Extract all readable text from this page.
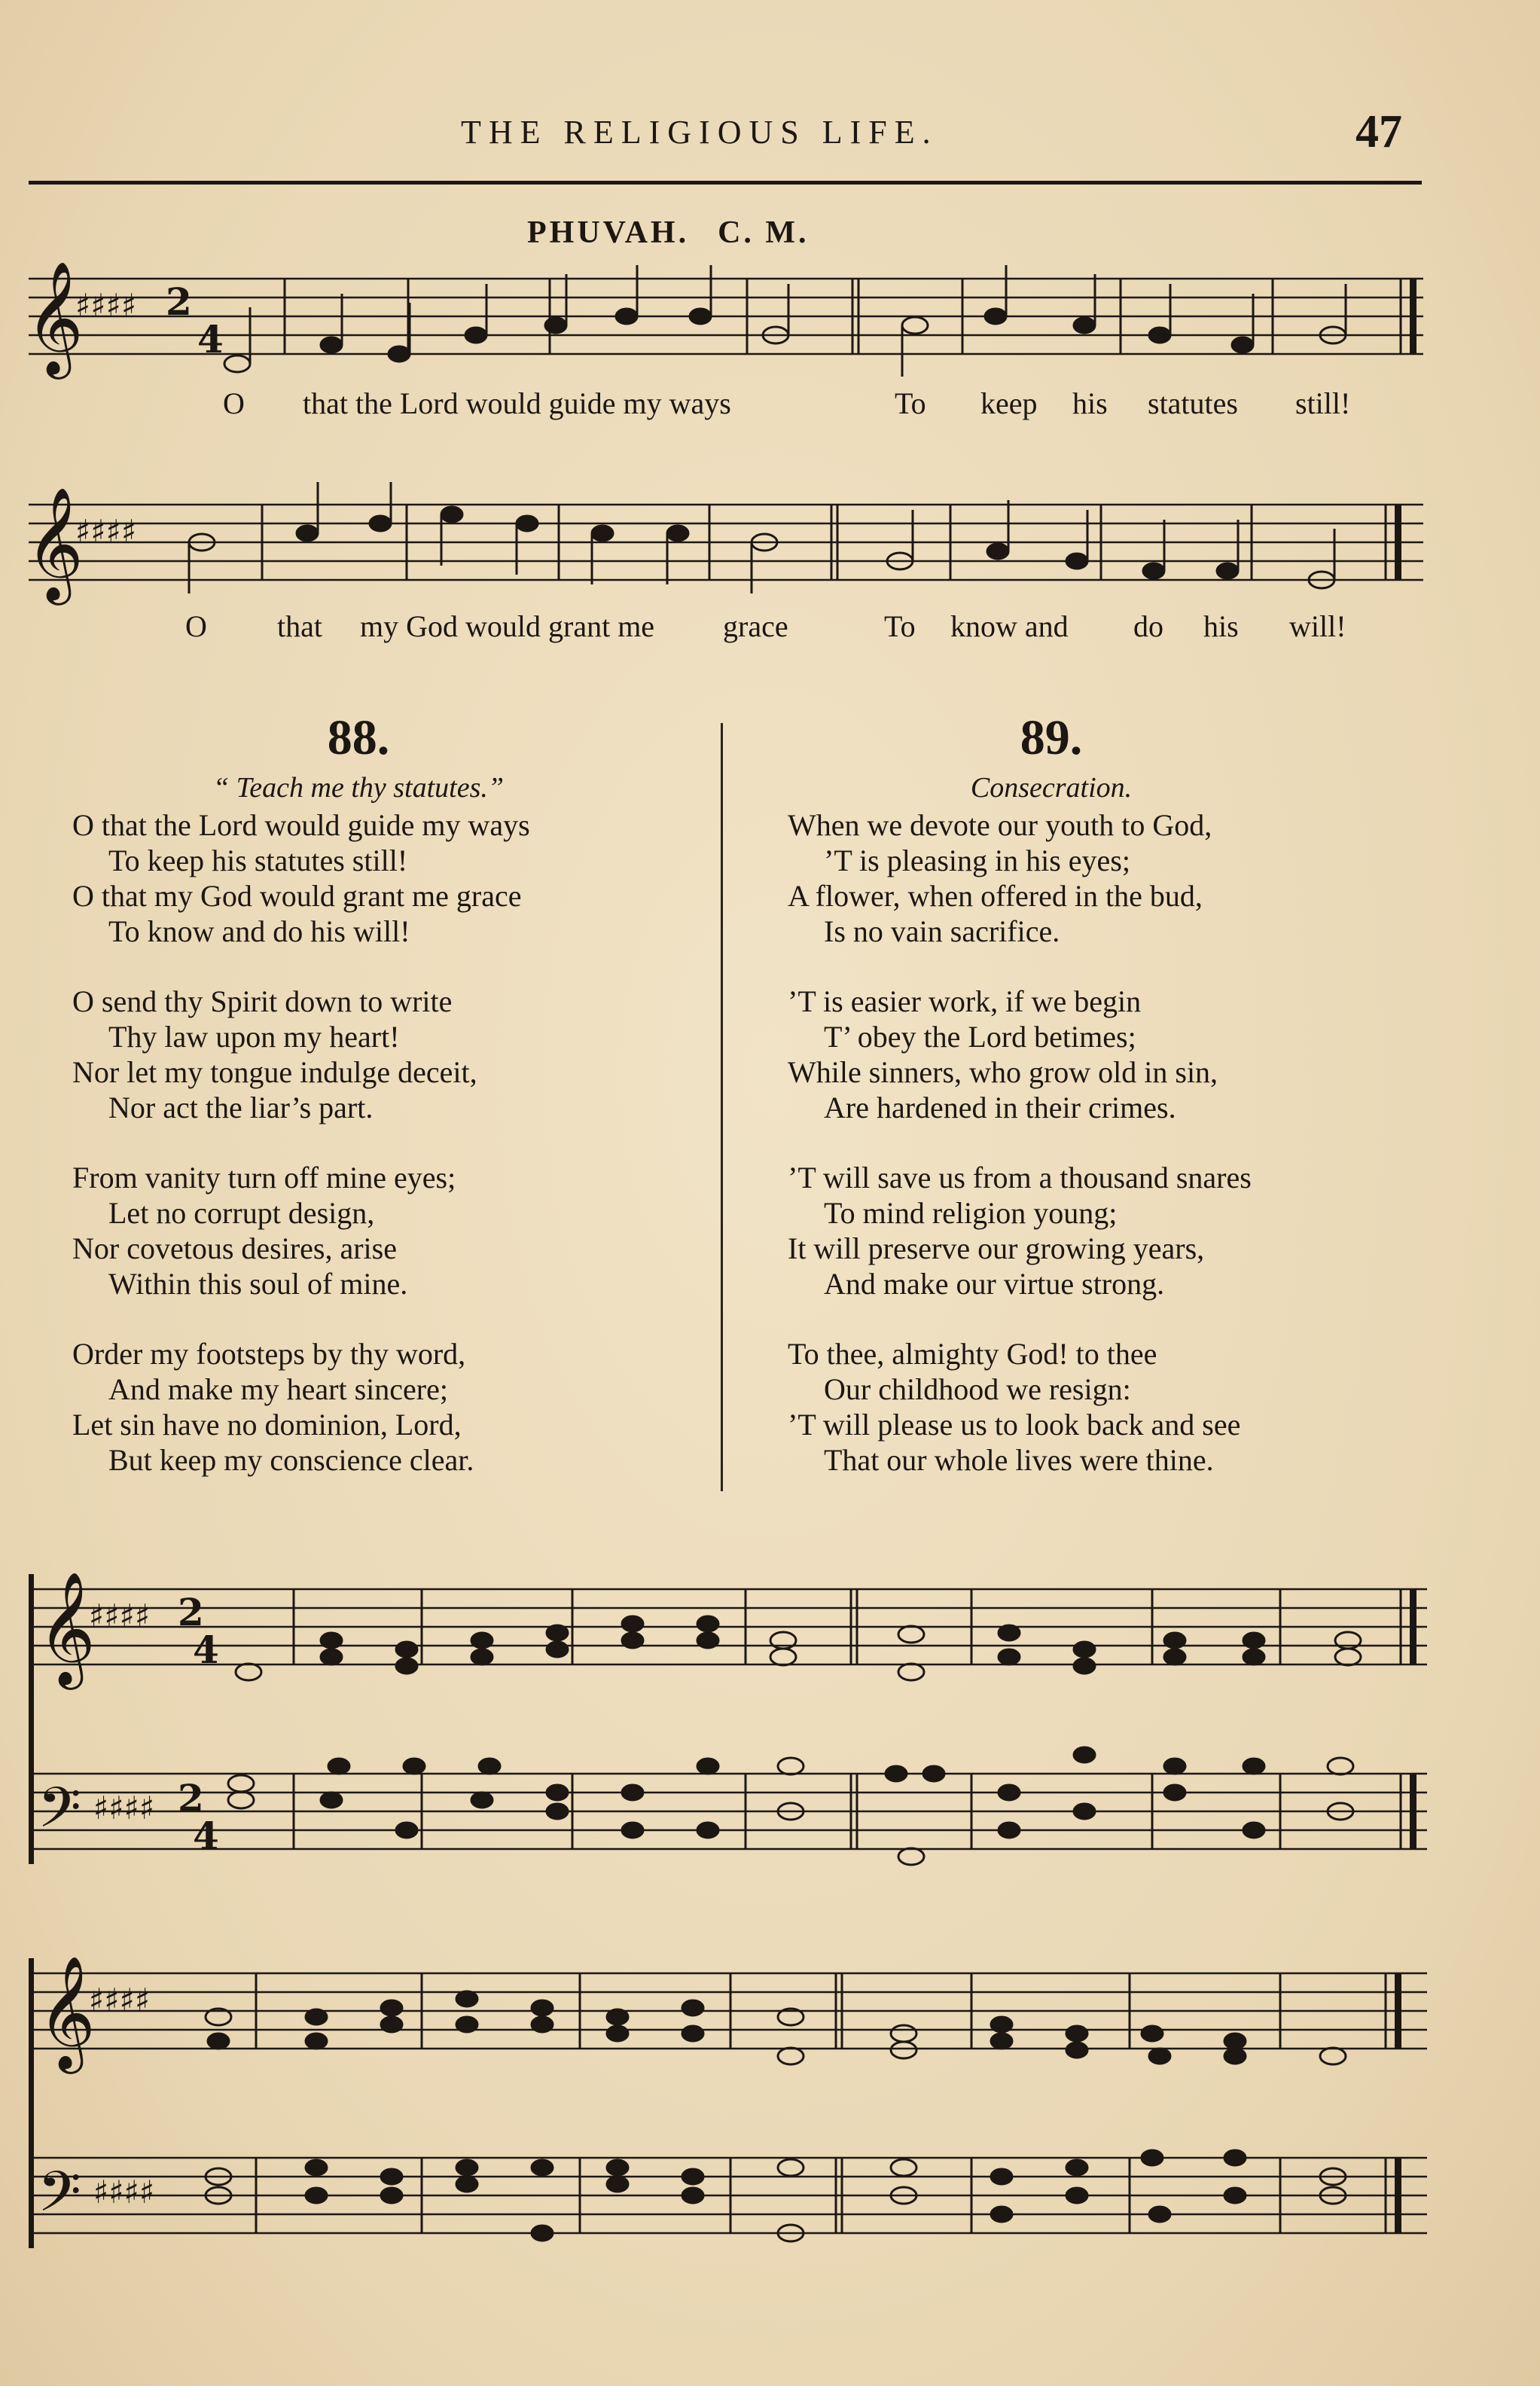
THE RELIGIOUS LIFE.	47
PHUVAH. C. M.
𝄞
♯♯♯♯ 2
4
O that the Lord would guide my ways	To keep his statutes still!
𝄞
♯♯♯♯
O that my God would grant me grace	To know and do his will!
88.
“ Teach me thy statutes.”
O that the Lord would guide my ways
To keep his statutes still!
O that my God would grant me grace
To know and do his will!
O send thy Spirit down to write
Thy law upon my heart!
Nor let my tongue indulge deceit,
Nor act the liar’s part.
From vanity turn off mine eyes;
Let no corrupt design,
Nor covetous desires, arise
Within this soul of mine.
Order my footsteps by thy word,
And make my heart sincere;
Let sin have no dominion, Lord,
But keep my conscience clear.
89.
Consecration.
When we devote our youth to God,
’T is pleasing in his eyes;
A flower, when offered in the bud,
Is no vain sacrifice.
’T is easier work, if we begin
T’ obey the Lord betimes;
While sinners, who grow old in sin,
Are hardened in their crimes.
’T will save us from a thousand snares
To mind religion young;
It will preserve our growing years,
And make our virtue strong.
To thee, almighty God! to thee
Our childhood we resign:
’T will please us to look back and see
That our whole lives were thine.
𝄞
♯♯♯♯ 2
4
𝄢 ♯♯♯♯ 2
4
𝄞
♯♯♯♯
𝄢 ♯♯♯♯
